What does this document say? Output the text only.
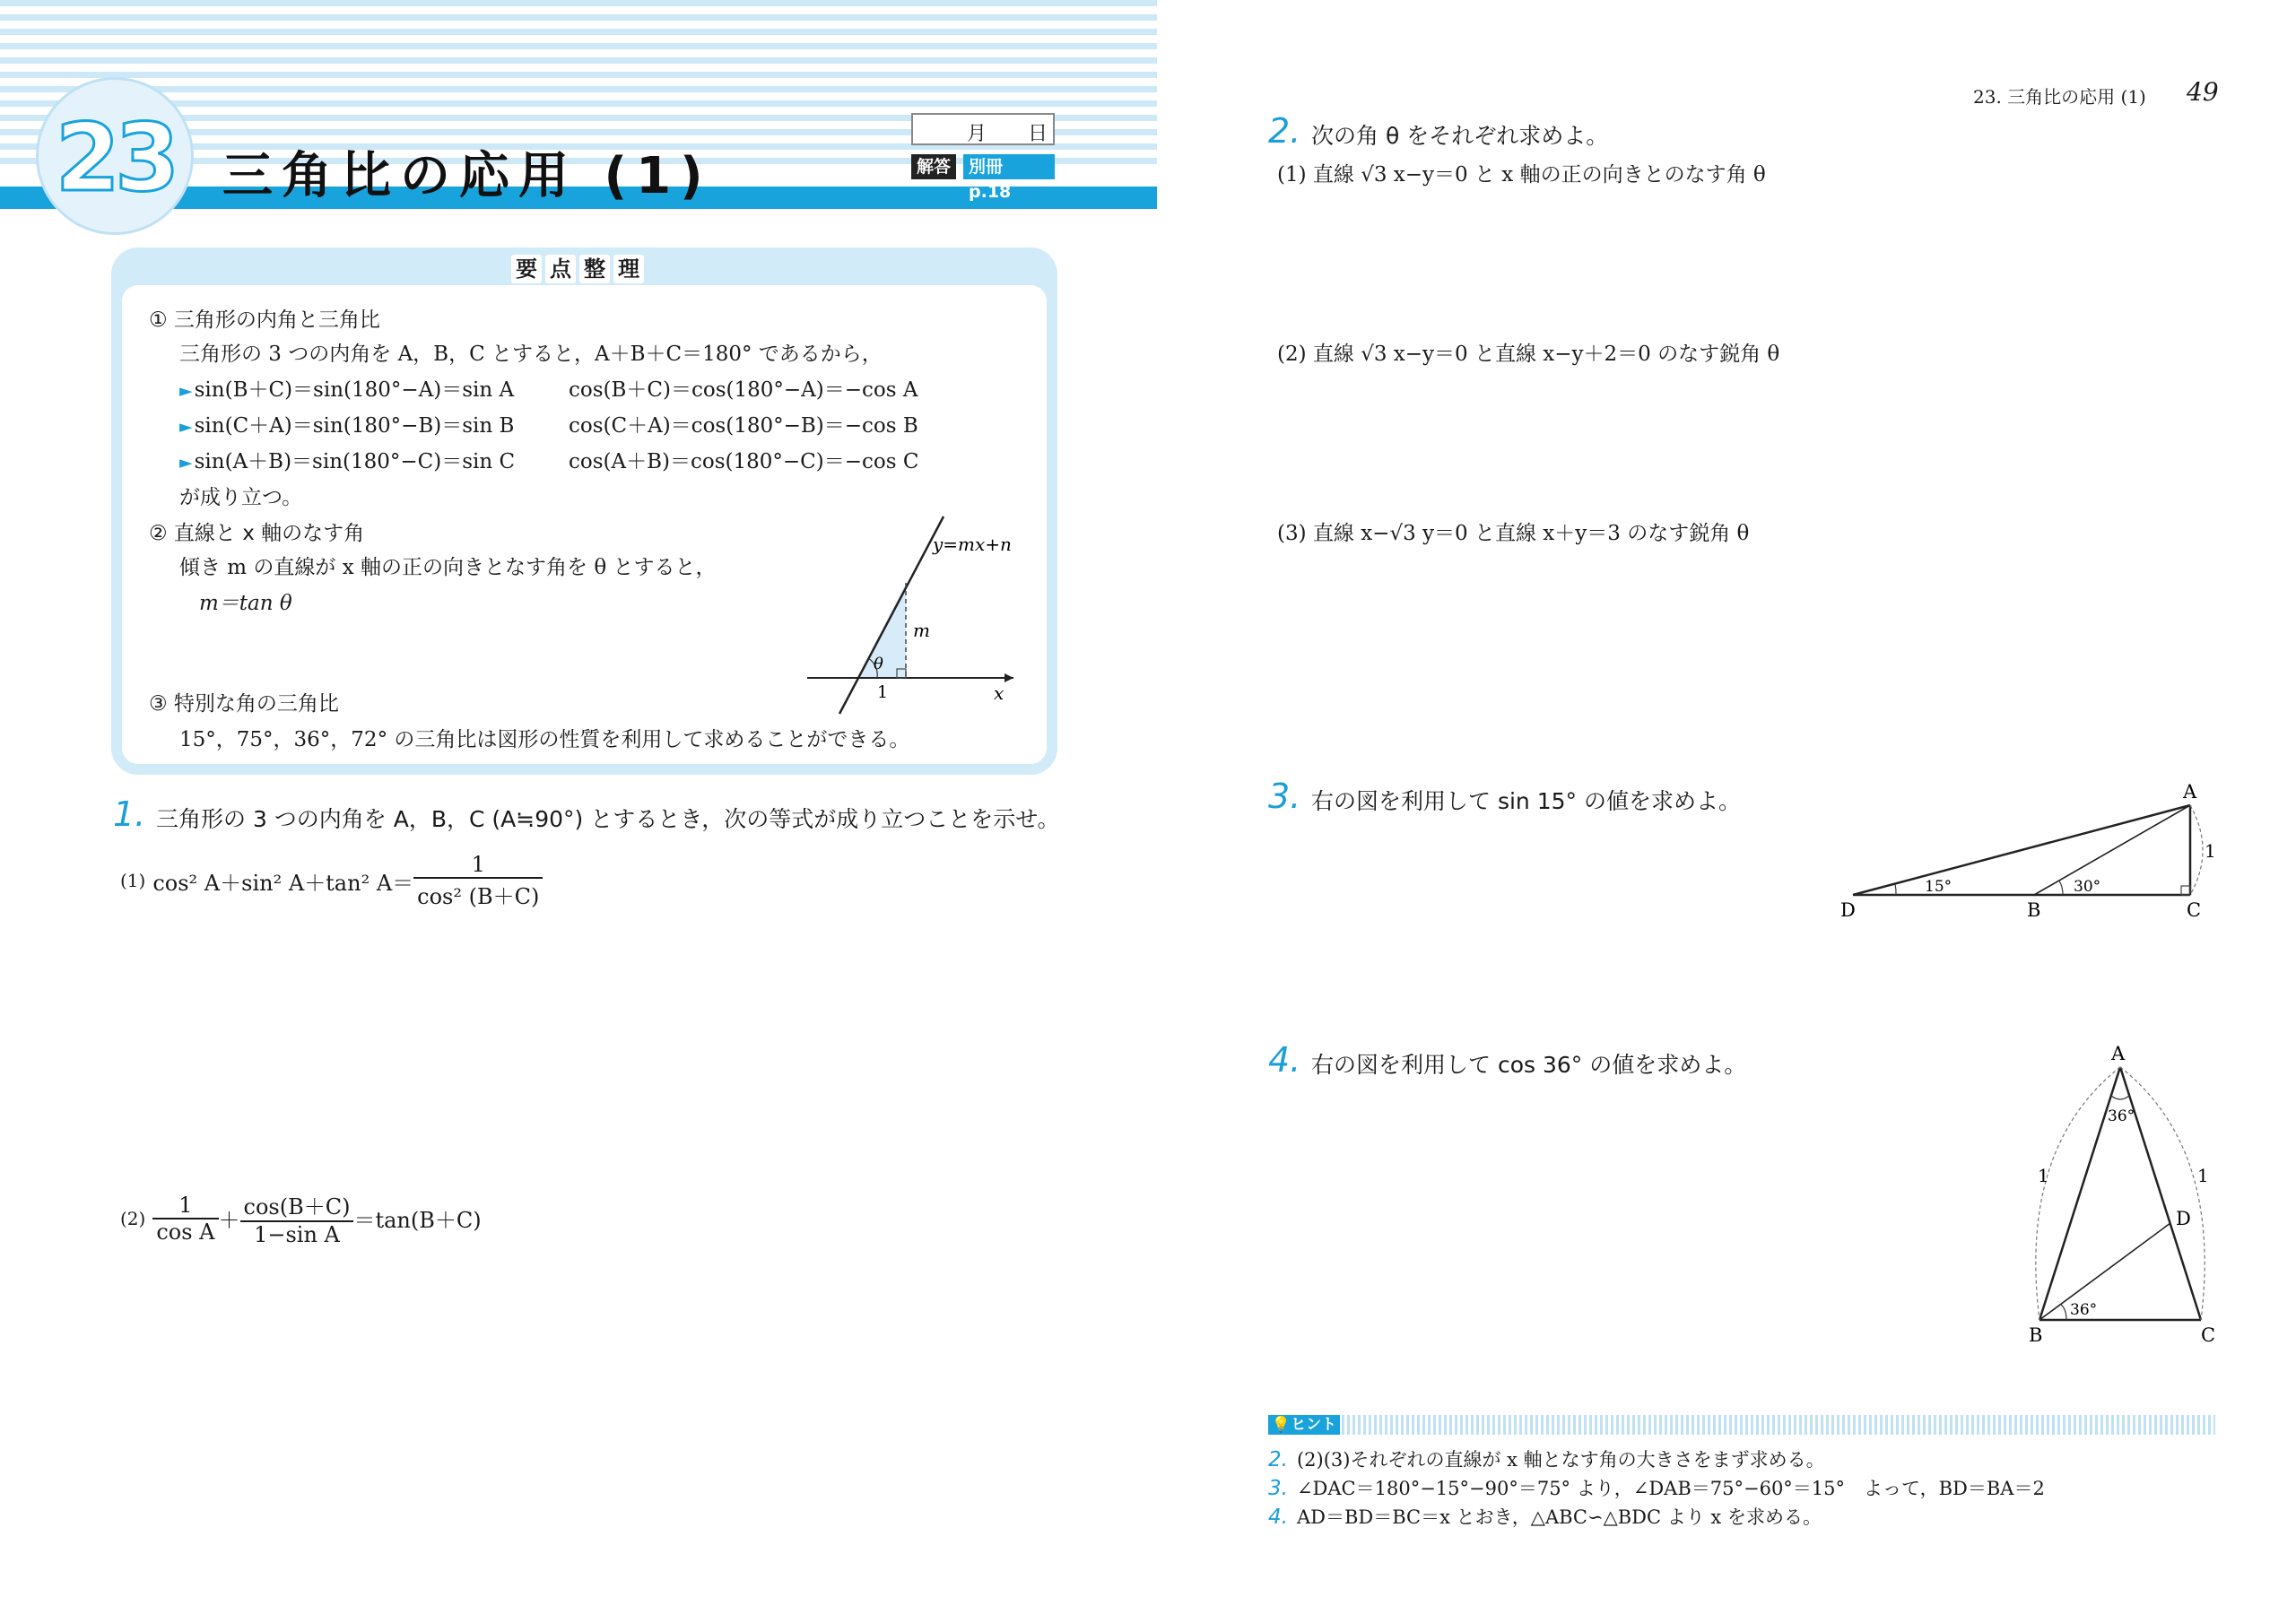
23 三角比の応用 (1)
月 日
解答	別冊 p.18
23. 三角比の応用 (1) 49
要 点 整 理
① 三角形の内角と三角比
三角形の 3 つの内角を A，B，C とすると，A＋B＋C＝180° であるから，
►sin(B＋C)＝sin(180°−A)＝sin A	cos(B＋C)＝cos(180°−A)＝−cos A
►sin(C＋A)＝sin(180°−B)＝sin B	cos(C＋A)＝cos(180°−B)＝−cos B
►sin(A＋B)＝sin(180°−C)＝sin C	cos(A＋B)＝cos(180°−C)＝−cos C
が成り立つ。
② 直線と x 軸のなす角
傾き m の直線が x 軸の正の向きとなす角を θ とすると，
m＝tan θ
y=mx+n
m
θ
1	x
③ 特別な角の三角比
15°，75°，36°，72° の三角比は図形の性質を利用して求めることができる。
1. 三角形の 3 つの内角を A，B，C (A≒90°) とするとき，次の等式が成り立つことを示せ。
(1) cos² A＋sin² A＋tan² $A= \frac{1}{\text{cos² (B＋C)}}$
$(2) \frac{1}{\text{cos A}} + \frac{\cos(B+C)}{\text{1−sin A}} =\tan(B+C)$
2. 次の角 θ をそれぞれ求めよ。
(1) 直線 √3 x−y＝0 と x 軸の正の向きとのなす角 θ
(2) 直線 √3 x−y＝0 と直線 x−y＋2＝0 のなす鋭角 θ
(3) 直線 x−√3 y＝0 と直線 x＋y＝3 のなす鋭角 θ
3. 右の図を利用して sin 15° の値を求めよ。	A
B	C
D
1
15°	30°
4. 右の図を利用して cos 36° の値を求めよ。	A
B	C
D
1	1
36°
36°
💡ヒント
2. (2)(3)それぞれの直線が x 軸となす角の大きさをまず求める。
3. ∠DAC＝180°−15°−90°＝75° より，∠DAB＝75°−60°＝15°　よって，BD＝BA＝2
4. AD＝BD＝BC＝x とおき，△ABC∽△BDC より x を求める。
